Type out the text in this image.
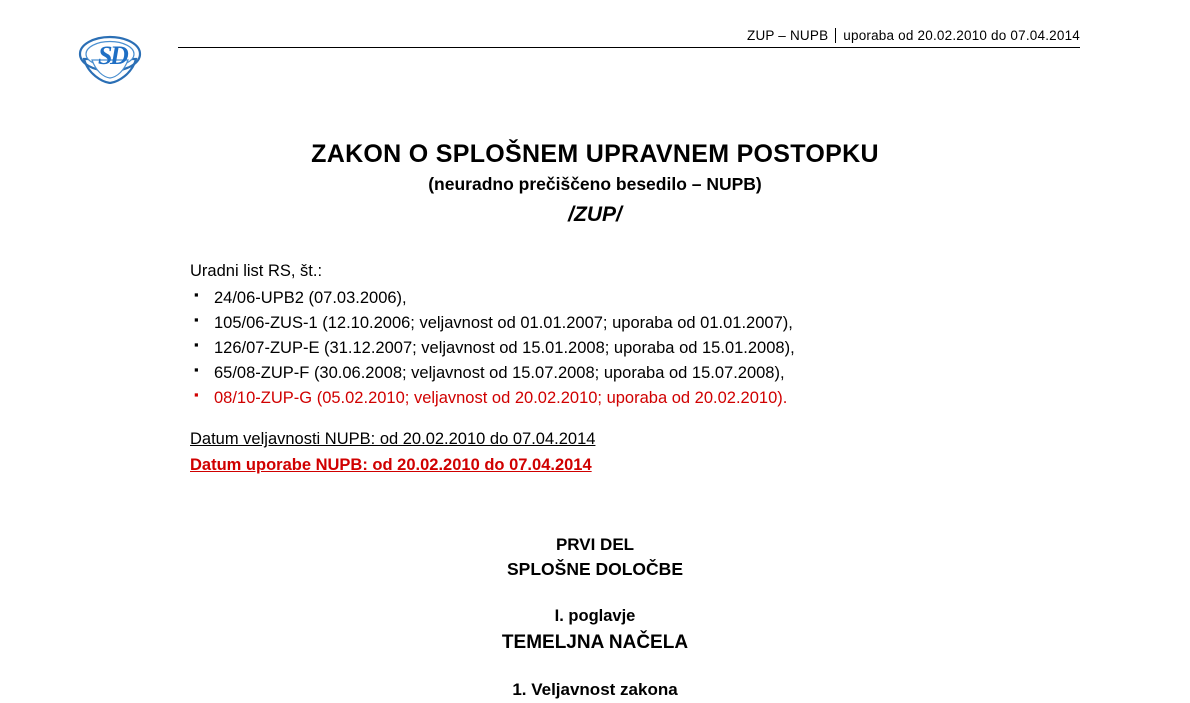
S
D
ZUP – NUPB uporaba od 20.02.2010 do 07.04.2014
ZAKON O SPLOŠNEM UPRAVNEM POSTOPKU
(neuradno prečiščeno besedilo – NUPB)
/ZUP/
Uradni list RS, št.:
▪ 24/06-UPB2 (07.03.2006),
▪ 105/06-ZUS-1 (12.10.2006; veljavnost od 01.01.2007; uporaba od 01.01.2007),
▪ 126/07-ZUP-E (31.12.2007; veljavnost od 15.01.2008; uporaba od 15.01.2008),
▪ 65/08-ZUP-F (30.06.2008; veljavnost od 15.07.2008; uporaba od 15.07.2008),
▪ 08/10-ZUP-G (05.02.2010; veljavnost od 20.02.2010; uporaba od 20.02.2010).
Datum veljavnosti NUPB: od 20.02.2010 do 07.04.2014
Datum uporabe NUPB: od 20.02.2010 do 07.04.2014
PRVI DEL
SPLOŠNE DOLOČBE
I. poglavje
TEMELJNA NAČELA
1. Veljavnost zakona
